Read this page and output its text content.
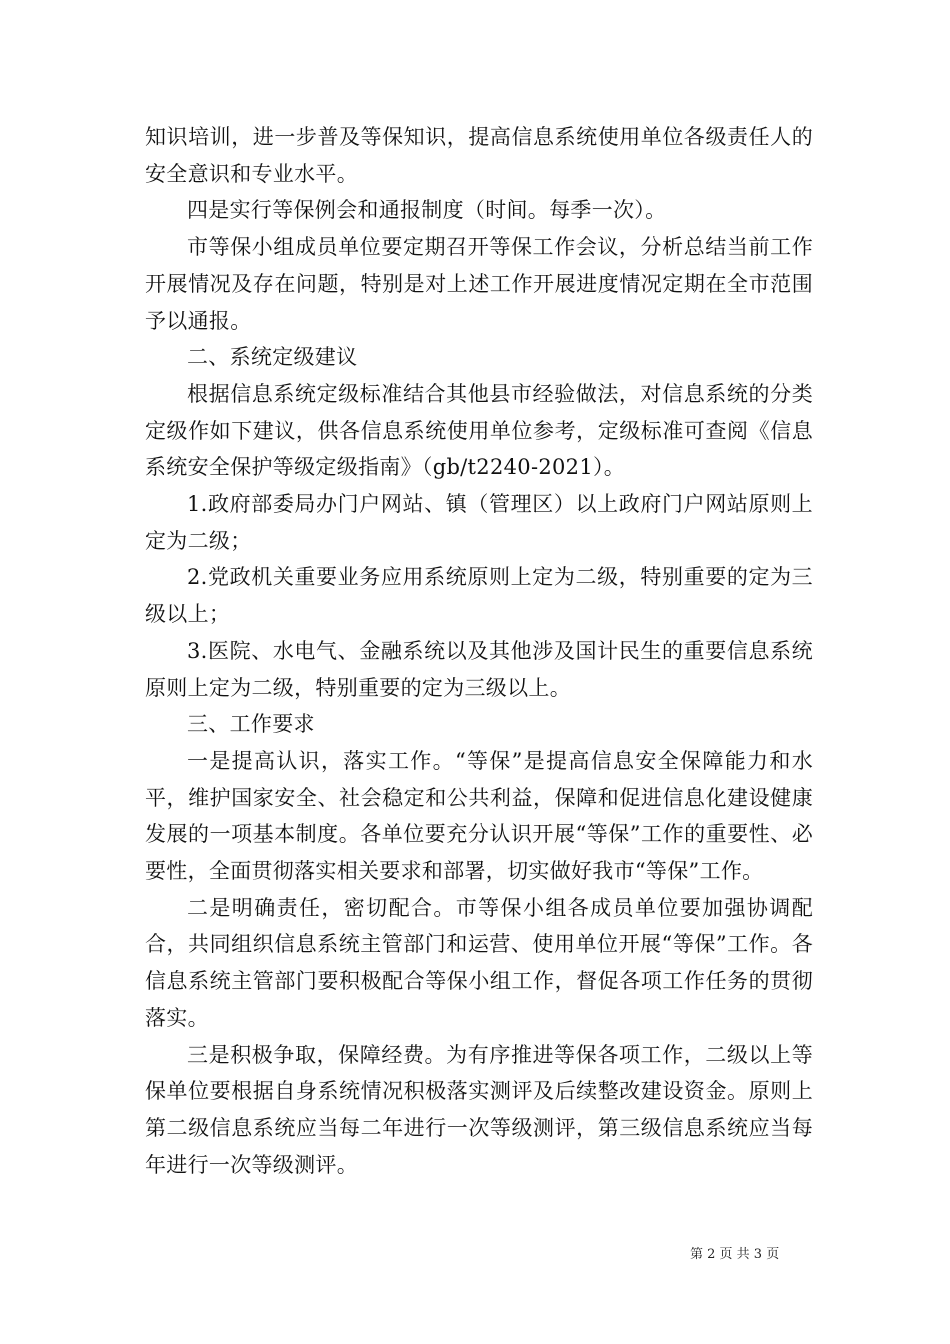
知识培训，进一步普及等保知识，提高信息系统使用单位各级责任人的安全意识和专业水平。

四是实行等保例会和通报制度（时间。每季一次）。

市等保小组成员单位要定期召开等保工作会议，分析总结当前工作开展情况及存在问题，特别是对上述工作开展进度情况定期在全市范围予以通报。

二、系统定级建议

根据信息系统定级标准结合其他县市经验做法，对信息系统的分类定级作如下建议，供各信息系统使用单位参考，定级标准可查阅《信息系统安全保护等级定级指南》（gb/t2240-2021）。

1.政府部委局办门户网站、镇（管理区）以上政府门户网站原则上定为二级；

2.党政机关重要业务应用系统原则上定为二级，特别重要的定为三级以上；

3.医院、水电气、金融系统以及其他涉及国计民生的重要信息系统原则上定为二级，特别重要的定为三级以上。

三、工作要求

一是提高认识，落实工作。“等保”是提高信息安全保障能力和水平，维护国家安全、社会稳定和公共利益，保障和促进信息化建设健康发展的一项基本制度。各单位要充分认识开展“等保”工作的重要性、必要性，全面贯彻落实相关要求和部署，切实做好我市“等保”工作。

二是明确责任，密切配合。市等保小组各成员单位要加强协调配合，共同组织信息系统主管部门和运营、使用单位开展“等保”工作。各信息系统主管部门要积极配合等保小组工作，督促各项工作任务的贯彻落实。

三是积极争取，保障经费。为有序推进等保各项工作，二级以上等保单位要根据自身系统情况积极落实测评及后续整改建设资金。原则上第二级信息系统应当每二年进行一次等级测评，第三级信息系统应当每年进行一次等级测评。

第 2 页 共 3 页
